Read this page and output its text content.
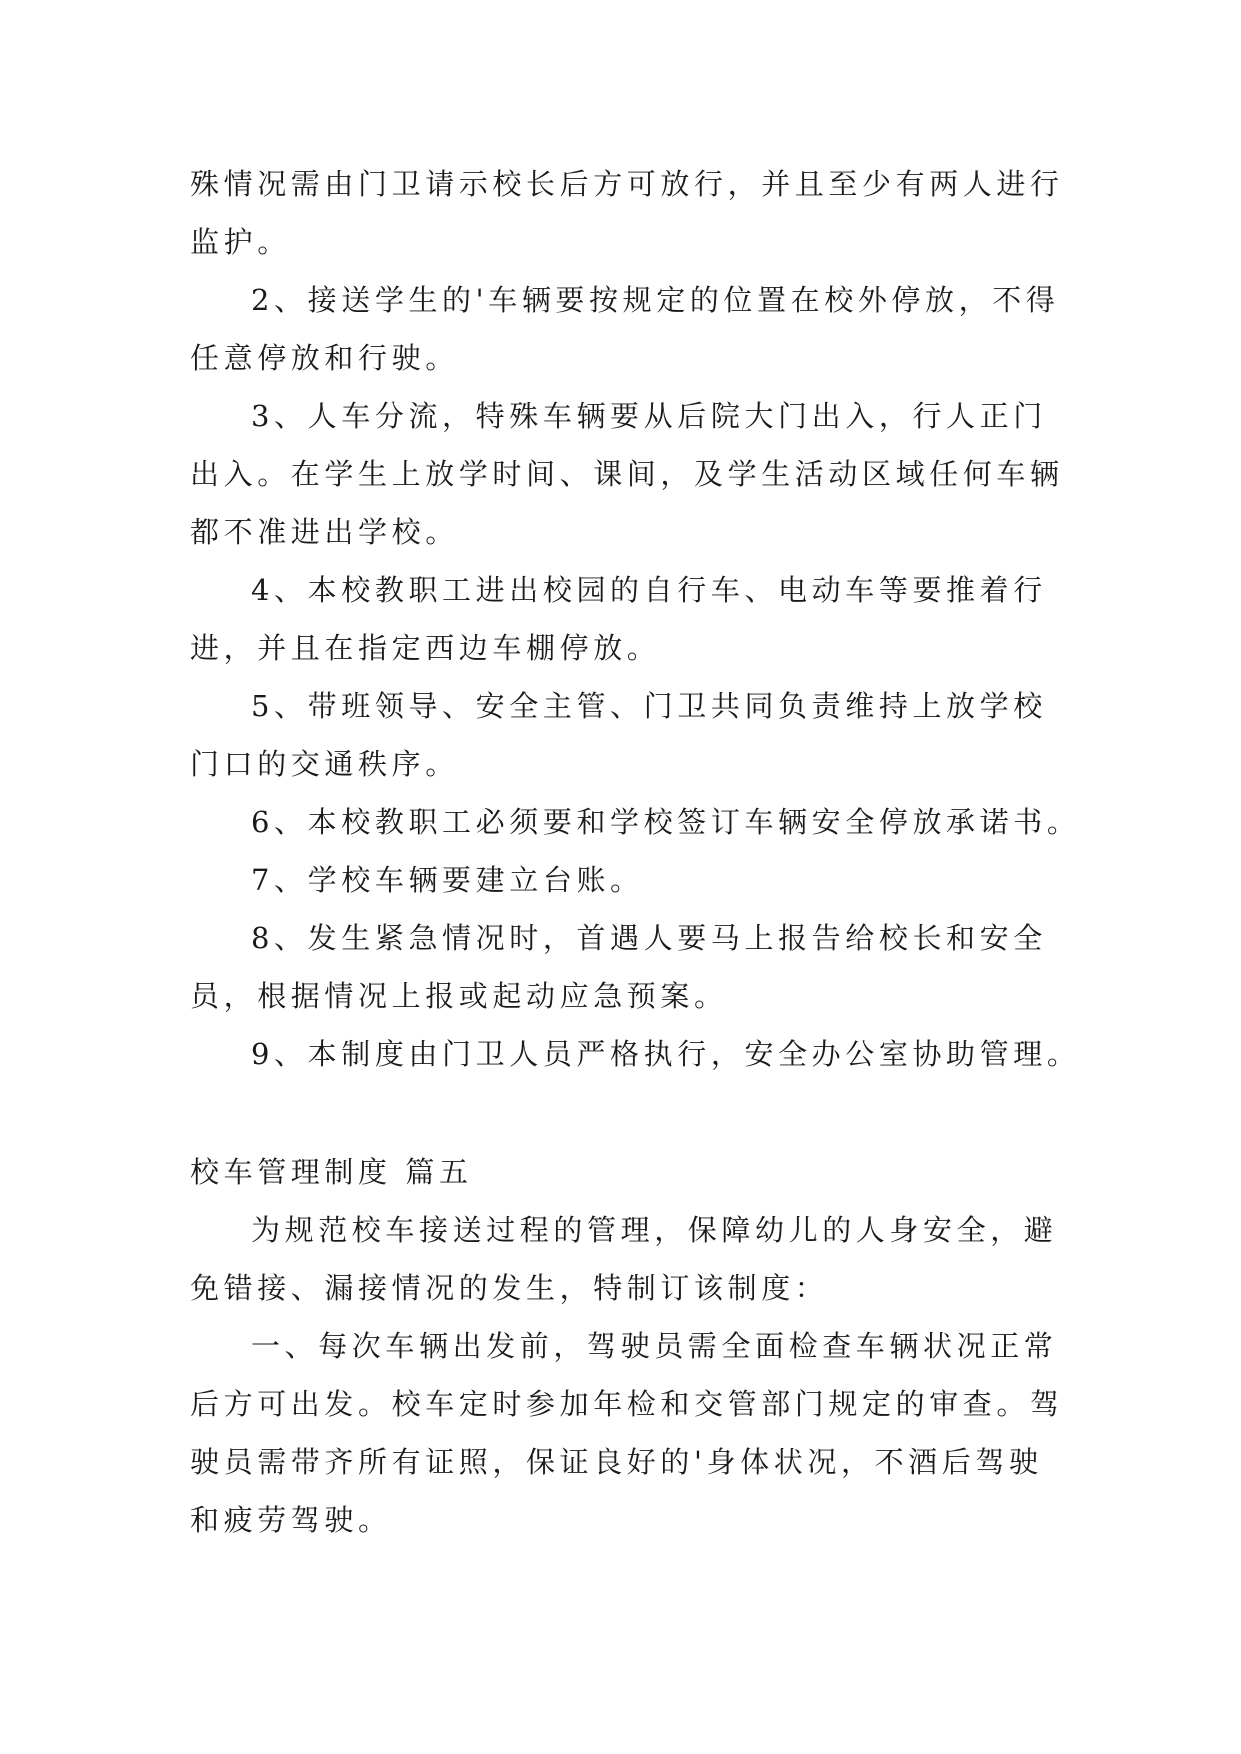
殊情况需由门卫请示校长后方可放行，并且至少有两人进行
监护。
2、接送学生的'车辆要按规定的位置在校外停放，不得
任意停放和行驶。
3、人车分流，特殊车辆要从后院大门出入，行人正门
出入。在学生上放学时间、课间，及学生活动区域任何车辆
都不准进出学校。
4、本校教职工进出校园的自行车、电动车等要推着行
进，并且在指定西边车棚停放。
5、带班领导、安全主管、门卫共同负责维持上放学校
门口的交通秩序。
6、本校教职工必须要和学校签订车辆安全停放承诺书。
7、学校车辆要建立台账。
8、发生紧急情况时，首遇人要马上报告给校长和安全
员，根据情况上报或起动应急预案。
9、本制度由门卫人员严格执行，安全办公室协助管理。
校车管理制度 篇五
为规范校车接送过程的管理，保障幼儿的人身安全，避
免错接、漏接情况的发生，特制订该制度：
一、每次车辆出发前，驾驶员需全面检查车辆状况正常
后方可出发。校车定时参加年检和交管部门规定的审查。驾
驶员需带齐所有证照，保证良好的'身体状况，不酒后驾驶
和疲劳驾驶。
